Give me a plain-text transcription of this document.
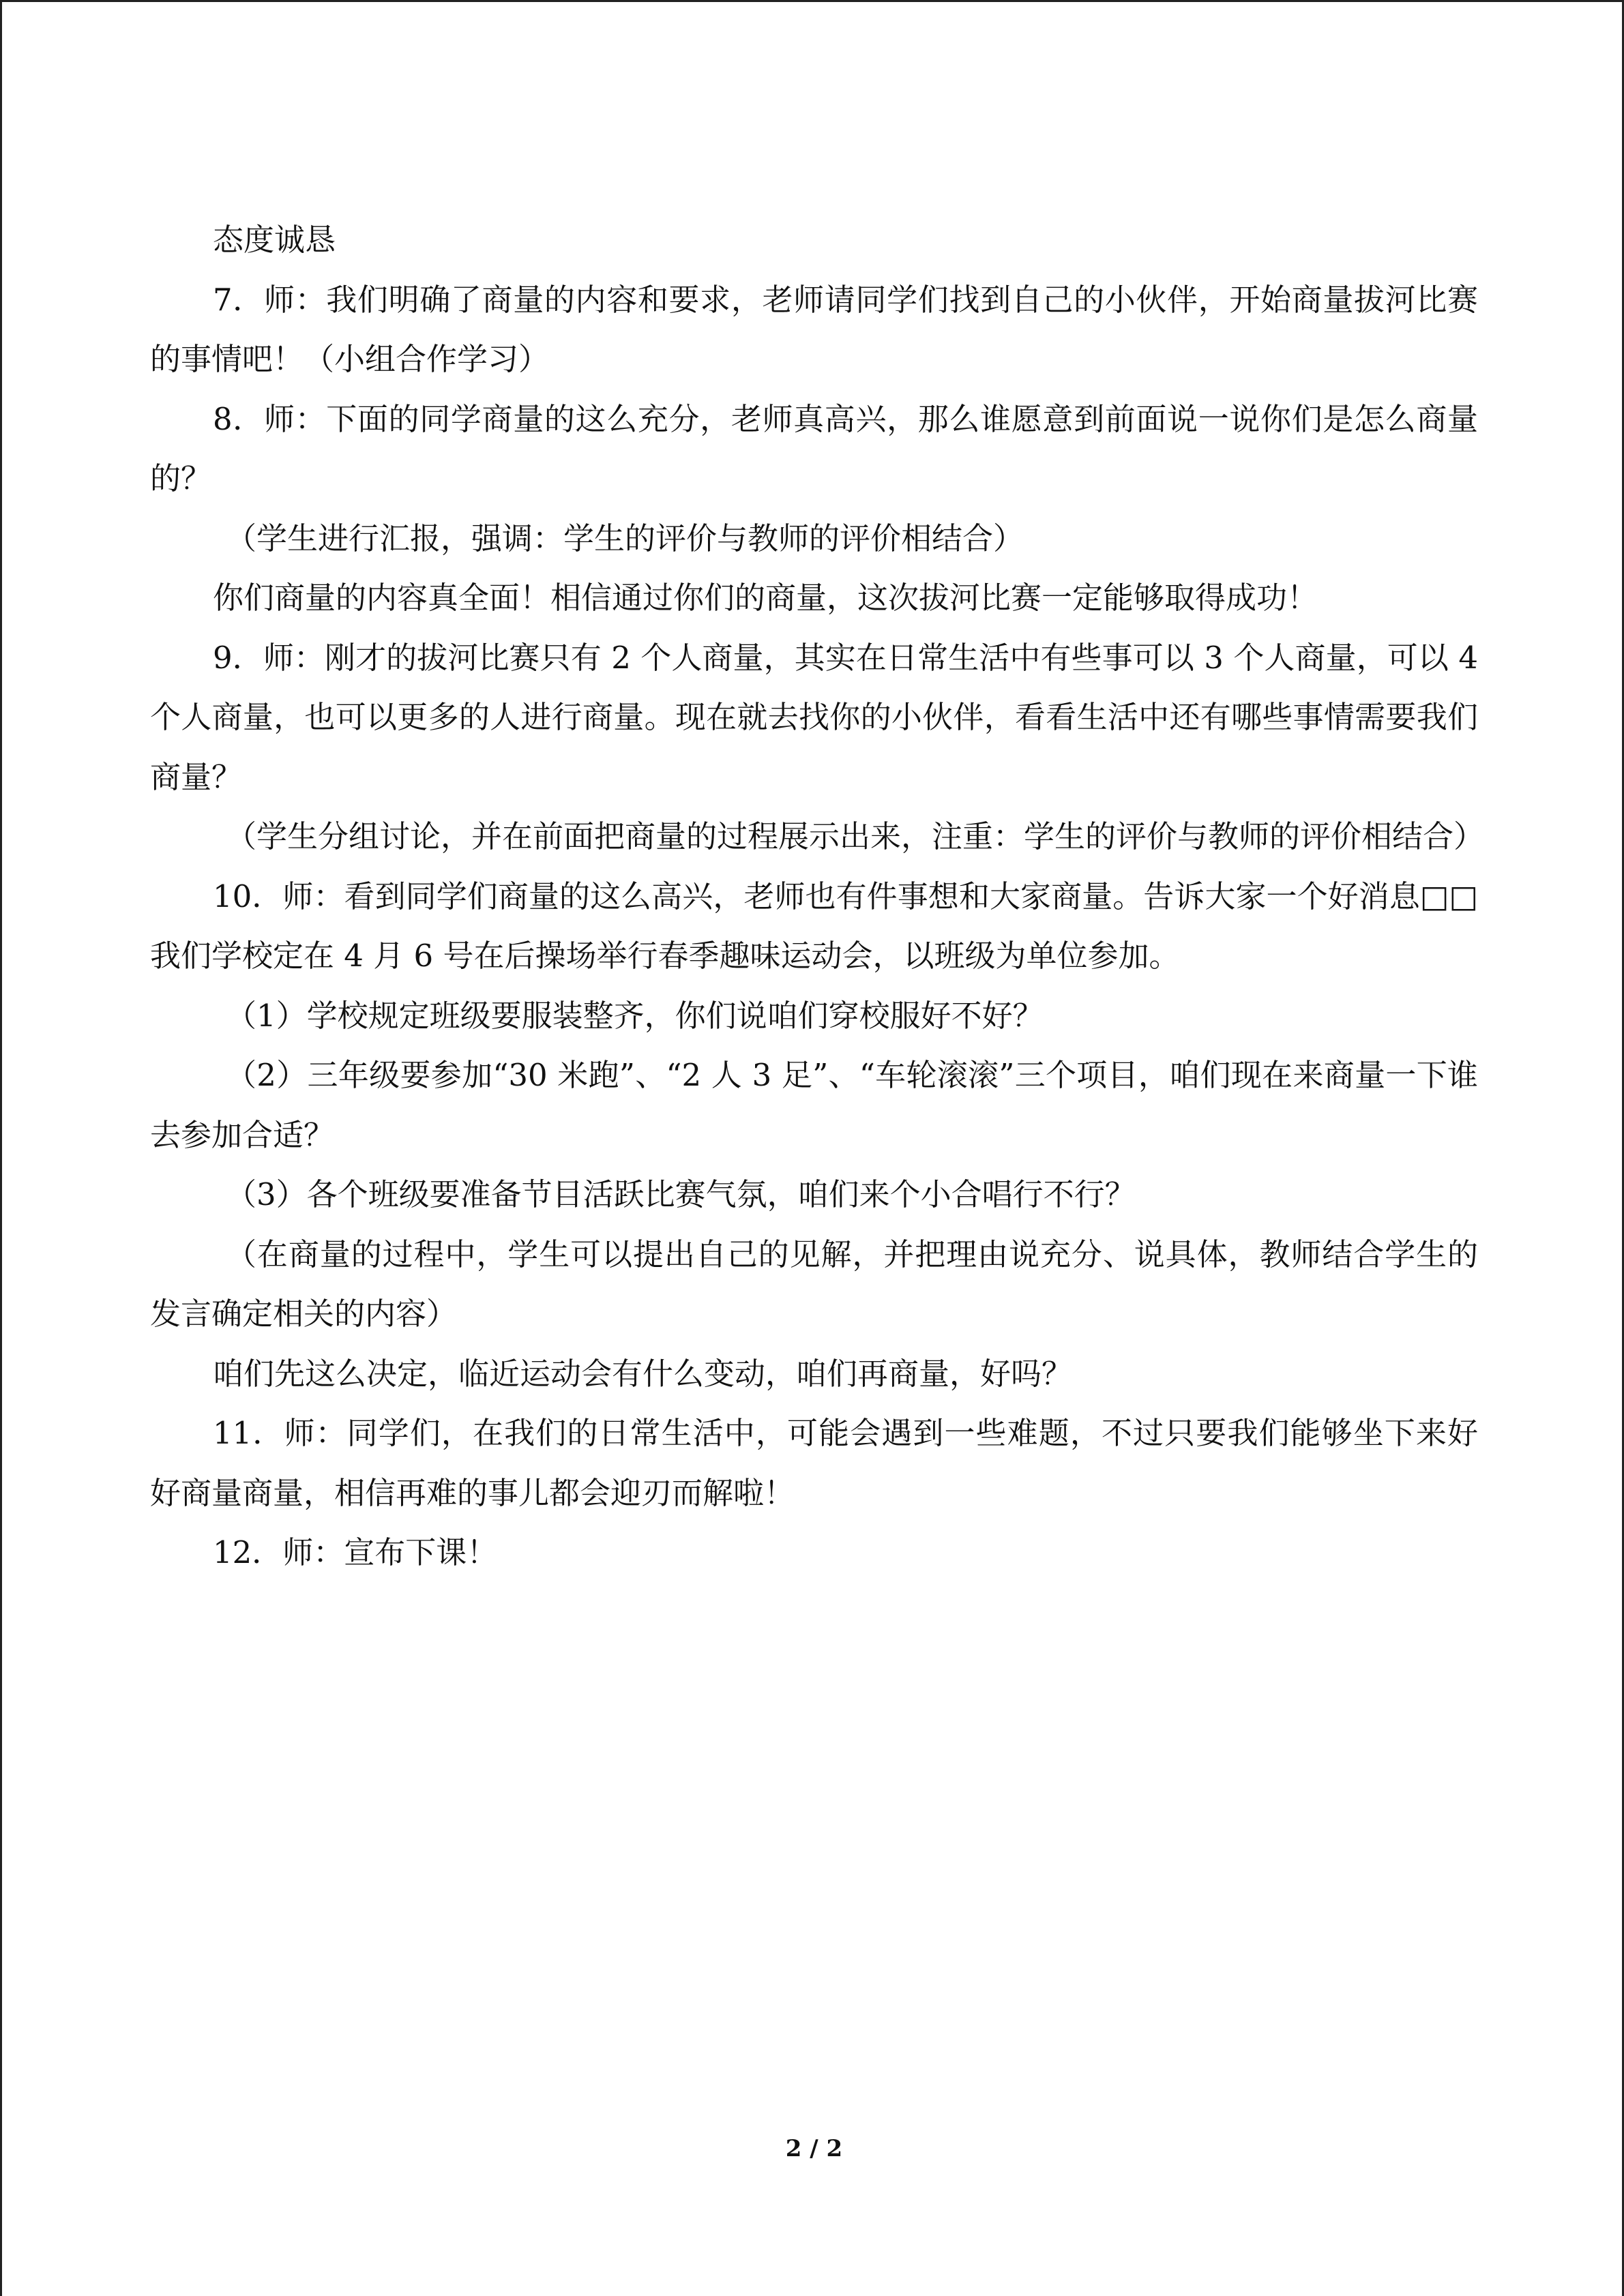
态度诚恳

7．师：我们明确了商量的内容和要求，老师请同学们找到自己的小伙伴，开始商量拔河比赛的事情吧！（小组合作学习）

8．师：下面的同学商量的这么充分，老师真高兴，那么谁愿意到前面说一说你们是怎么商量的？

（学生进行汇报，强调：学生的评价与教师的评价相结合）

你们商量的内容真全面！相信通过你们的商量，这次拔河比赛一定能够取得成功！

9．师：刚才的拔河比赛只有 2 个人商量，其实在日常生活中有些事可以 3 个人商量，可以 4 个人商量，也可以更多的人进行商量。现在就去找你的小伙伴，看看生活中还有哪些事情需要我们商量？

（学生分组讨论，并在前面把商量的过程展示出来，注重：学生的评价与教师的评价相结合）

10．师：看到同学们商量的这么高兴，老师也有件事想和大家商量。告诉大家一个好消息□□我们学校定在 4 月 6 号在后操场举行春季趣味运动会，以班级为单位参加。

（1）学校规定班级要服装整齐，你们说咱们穿校服好不好？

（2）三年级要参加“30 米跑”、“2 人 3 足”、“车轮滚滚”三个项目，咱们现在来商量一下谁去参加合适？

（3）各个班级要准备节目活跃比赛气氛，咱们来个小合唱行不行？

（在商量的过程中，学生可以提出自己的见解，并把理由说充分、说具体，教师结合学生的发言确定相关的内容）

咱们先这么决定，临近运动会有什么变动，咱们再商量，好吗？

11．师：同学们，在我们的日常生活中，可能会遇到一些难题，不过只要我们能够坐下来好好商量商量，相信再难的事儿都会迎刃而解啦！

12．师：宣布下课！

2 / 2
